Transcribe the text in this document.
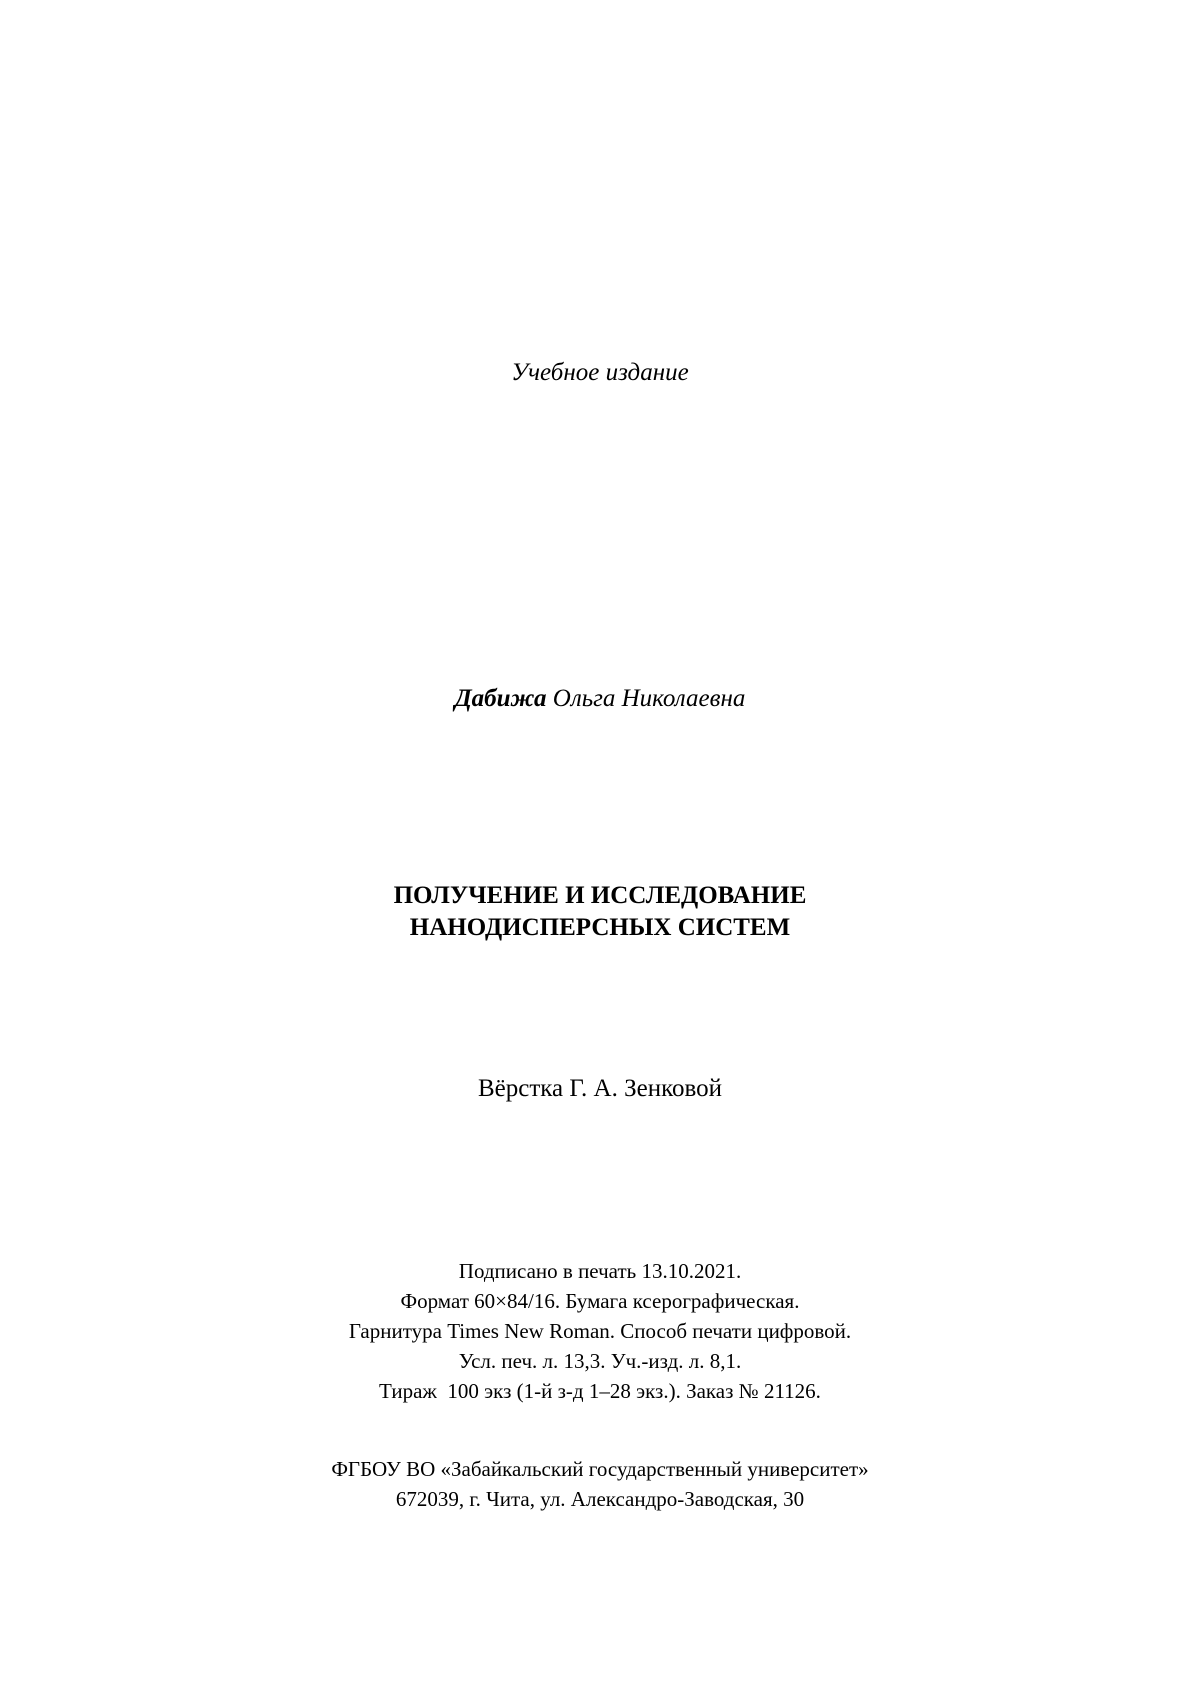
Учебное издание

Дабижа Ольга Николаевна

ПОЛУЧЕНИЕ И ИССЛЕДОВАНИЕ
НАНОДИСПЕРСНЫХ СИСТЕМ

Вёрстка Г. А. Зенковой

Подписано в печать 13.10.2021.
Формат 60×84/16. Бумага ксерографическая.
Гарнитура Times New Roman. Способ печати цифровой.
Усл. печ. л. 13,3. Уч.-изд. л. 8,1.
Тираж  100 экз (1-й з-д 1–28 экз.). Заказ № 21126.
ФГБОУ ВО «Забайкальский государственный университет»
672039, г. Чита, ул. Александро-Заводская, 30
